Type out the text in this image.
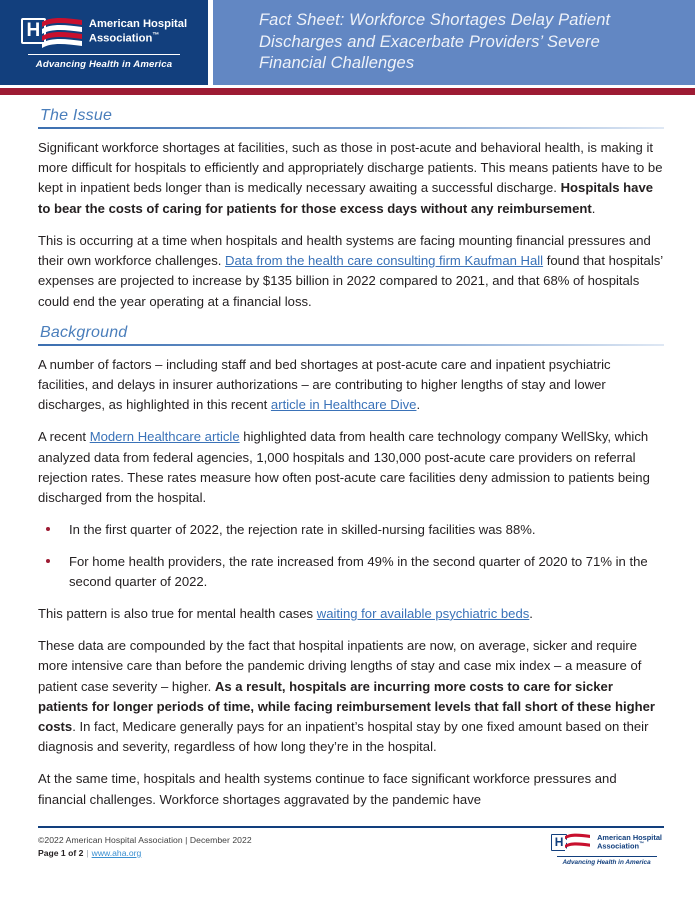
H	American Hospital
Association™
Advancing Health in America
Fact Sheet: Workforce Shortages Delay Patient
Discharges and Exacerbate Providers’ Severe
Financial Challenges
The Issue

Significant workforce shortages at facilities, such as those in post-acute and behavioral health, is making it more difficult for hospitals to efficiently and appropriately discharge patients. This means patients have to be kept in inpatient beds longer than is medically necessary awaiting a successful discharge. Hospitals have to bear the costs of caring for patients for those excess days without any reimbursement.

This is occurring at a time when hospitals and health systems are facing mounting financial pressures and their own workforce challenges. Data from the health care consulting firm Kaufman Hall found that hospitals’ expenses are projected to increase by $135 billion in 2022 compared to 2021, and that 68% of hospitals could end the year operating at a financial loss.

Background

A number of factors – including staff and bed shortages at post-acute care and inpatient psychiatric facilities, and delays in insurer authorizations – are contributing to higher lengths of stay and lower discharges, as highlighted in this recent article in Healthcare Dive.

A recent Modern Healthcare article highlighted data from health care technology company WellSky, which analyzed data from federal agencies, 1,000 hospitals and 130,000 post-acute care providers on referral rejection rates. These rates measure how often post-acute care facilities deny admission to patients being discharged from the hospital.

In the first quarter of 2022, the rejection rate in skilled-nursing facilities was 88%.
For home health providers, the rate increased from 49% in the second quarter of 2020 to 71% in the second quarter of 2022.

This pattern is also true for mental health cases waiting for available psychiatric beds.

These data are compounded by the fact that hospital inpatients are now, on average, sicker and require more intensive care than before the pandemic driving lengths of stay and case mix index – a measure of patient case severity – higher. As a result, hospitals are incurring more costs to care for sicker patients for longer periods of time, while facing reimbursement levels that fall short of these higher costs. In fact, Medicare generally pays for an inpatient’s hospital stay by one fixed amount based on their diagnosis and severity, regardless of how long they’re in the hospital.

At the same time, hospitals and health systems continue to face significant workforce pressures and financial challenges. Workforce shortages aggravated by the pandemic have

©2022 American Hospital Association | December 2022
Page 1 of 2 | www.aha.org
H	American Hospital
Association™
Advancing Health in America
